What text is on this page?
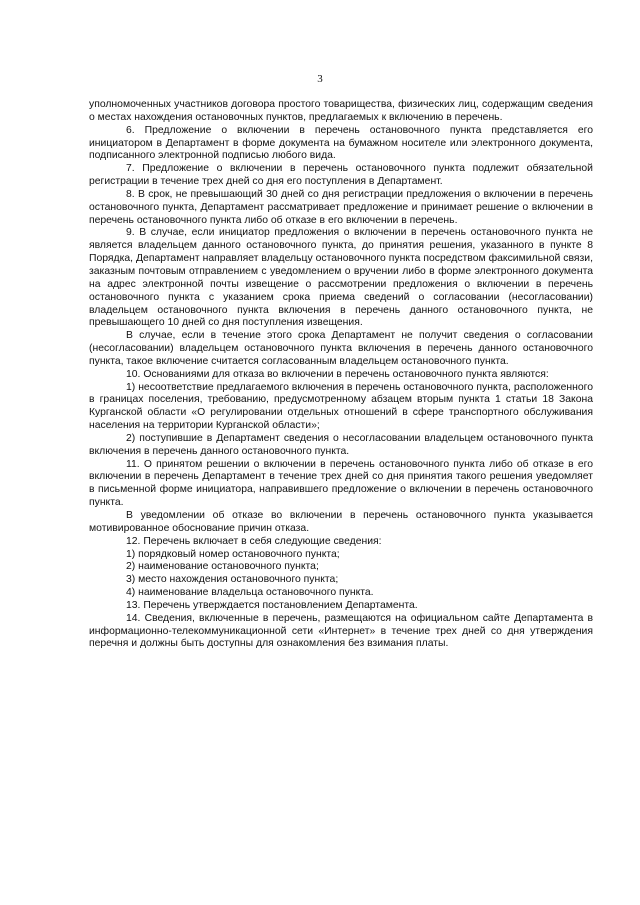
3

уполномоченных участников договора простого товарищества, физических лиц, содержащим сведения о местах нахождения остановочных пунктов, предлагаемых к включению в перечень.

6. Предложение о включении в перечень остановочного пункта представляется его инициатором в Департамент в форме документа на бумажном носителе или электронного документа, подписанного электронной подписью любого вида.

7. Предложение о включении в перечень остановочного пункта подлежит обязательной регистрации в течение трех дней со дня его поступления в Департамент.

8. В срок, не превышающий 30 дней со дня регистрации предложения о включении в перечень остановочного пункта, Департамент рассматривает предложение и принимает решение о включении в перечень остановочного пункта либо об отказе в его включении в перечень.

9. В случае, если инициатор предложения о включении в перечень остановочного пункта не является владельцем данного остановочного пункта, до принятия решения, указанного в пункте 8 Порядка, Департамент направляет владельцу остановочного пункта посредством факсимильной связи, заказным почтовым отправлением с уведомлением о вручении либо в форме электронного документа на адрес электронной почты извещение о рассмотрении предложения о включении в перечень остановочного пункта с указанием срока приема сведений о согласовании (несогласовании) владельцем остановочного пункта включения в перечень данного остановочного пункта, не превышающего 10 дней со дня поступления извещения.

В случае, если в течение этого срока Департамент не получит сведения о согласовании (несогласовании) владельцем остановочного пункта включения в перечень данного остановочного пункта, такое включение считается согласованным владельцем остановочного пункта.

10. Основаниями для отказа во включении в перечень остановочного пункта являются:

1) несоответствие предлагаемого включения в перечень остановочного пункта, расположенного в границах поселения, требованию, предусмотренному абзацем вторым пункта 1 статьи 18 Закона Курганской области «О регулировании отдельных отношений в сфере транспортного обслуживания населения на территории Курганской области»;

2) поступившие в Департамент сведения о несогласовании владельцем остановочного пункта включения в перечень данного остановочного пункта.

11. О принятом решении о включении в перечень остановочного пункта либо об отказе в его включении в перечень Департамент в течение трех дней со дня принятия такого решения уведомляет в письменной форме инициатора, направившего предложение о включении в перечень остановочного пункта.

В уведомлении об отказе во включении в перечень остановочного пункта указывается мотивированное обоснование причин отказа.

12. Перечень включает в себя следующие сведения:

1) порядковый номер остановочного пункта;

2) наименование остановочного пункта;

3) место нахождения остановочного пункта;

4) наименование владельца остановочного пункта.

13. Перечень утверждается постановлением Департамента.

14. Сведения, включенные в перечень, размещаются на официальном сайте Департамента в информационно-телекоммуникационной сети «Интернет» в течение трех дней со дня утверждения перечня и должны быть доступны для ознакомления без взимания платы.
